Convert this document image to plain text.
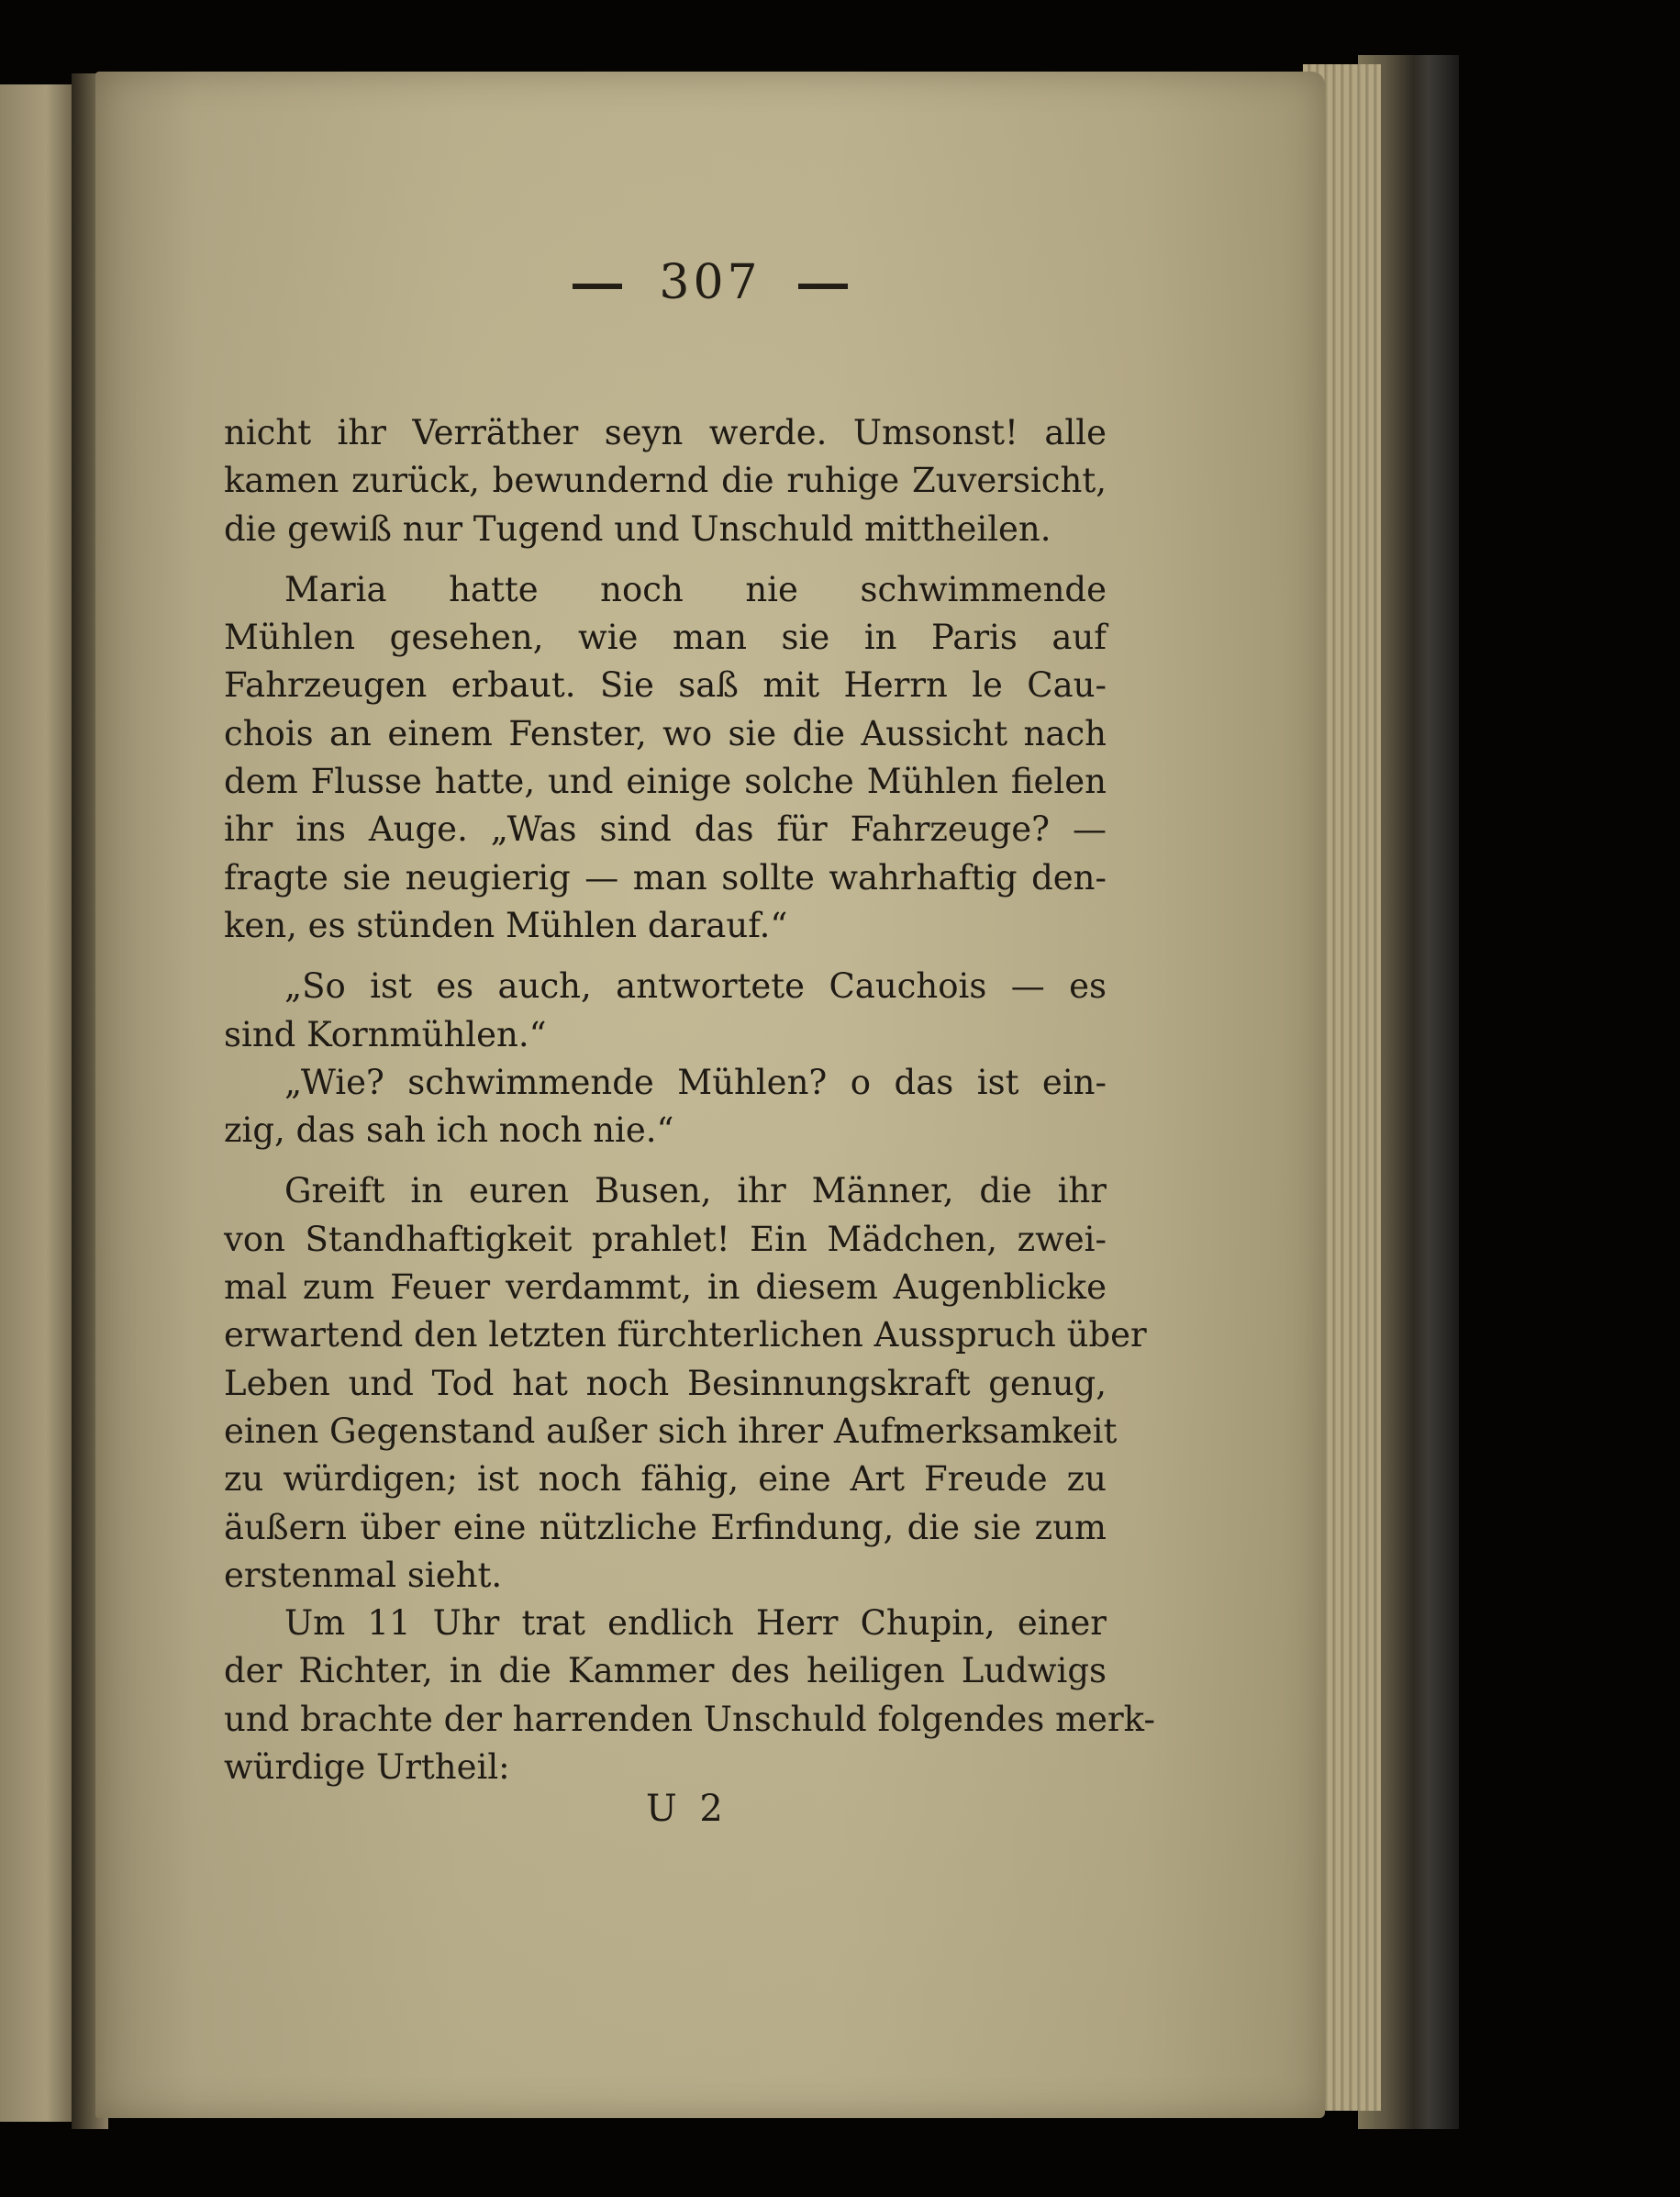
307
nicht ihr Verräther seyn werde. Umsonst! alle
kamen zurück, bewundernd die ruhige Zuversicht,
die gewiß nur Tugend und Unschuld mittheilen.
Maria hatte noch nie schwimmende
Mühlen gesehen, wie man sie in Paris auf
Fahrzeugen erbaut. Sie saß mit Herrn le Cau-
chois an einem Fenster, wo sie die Aussicht nach
dem Flusse hatte, und einige solche Mühlen fielen
ihr ins Auge. „Was sind das für Fahrzeuge? —
fragte sie neugierig — man sollte wahrhaftig den-
ken, es stünden Mühlen darauf.“
„So ist es auch, antwortete Cauchois — es
sind Kornmühlen.“
„Wie? schwimmende Mühlen? o das ist ein-
zig, das sah ich noch nie.“
Greift in euren Busen, ihr Männer, die ihr
von Standhaftigkeit prahlet! Ein Mädchen, zwei-
mal zum Feuer verdammt, in diesem Augenblicke
erwartend den letzten fürchterlichen Ausspruch über
Leben und Tod hat noch Besinnungskraft genug,
einen Gegenstand außer sich ihrer Aufmerksamkeit
zu würdigen; ist noch fähig, eine Art Freude zu
äußern über eine nützliche Erfindung, die sie zum
erstenmal sieht.
Um 11 Uhr trat endlich Herr Chupin, einer
der Richter, in die Kammer des heiligen Ludwigs
und brachte der harrenden Unschuld folgendes merk-
würdige Urtheil:
U 2
